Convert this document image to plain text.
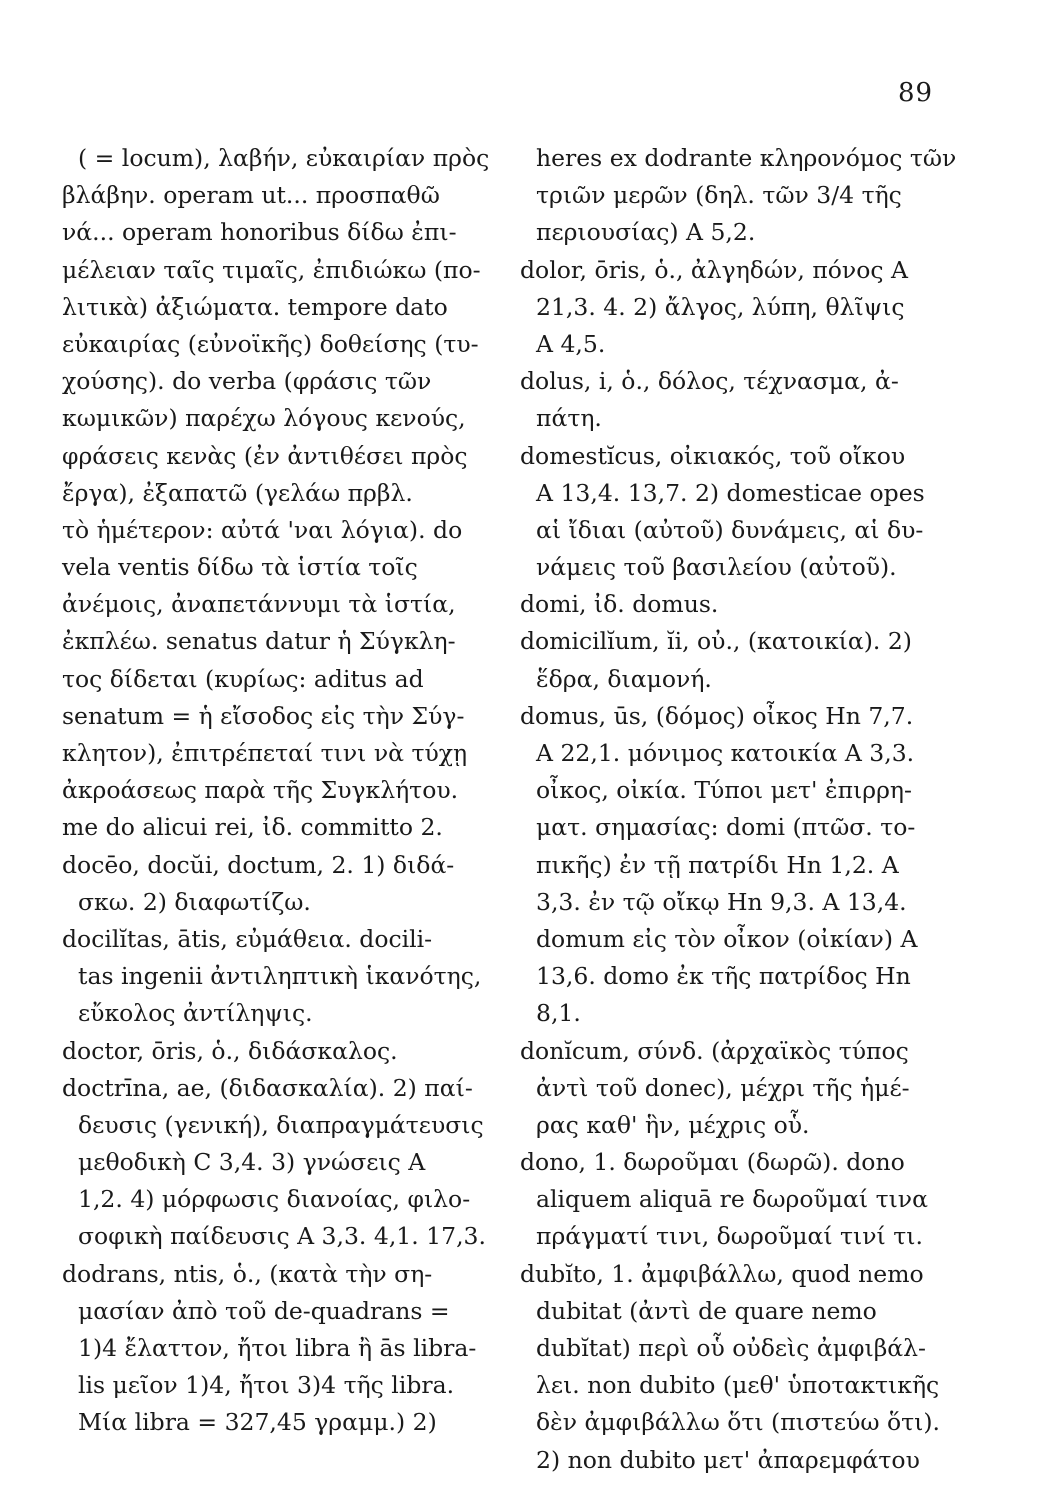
89
( = locum), λαβήν, εὐκαιρίαν πρὸς
βλάβην. operam ut... προσπαθῶ
νά... operam honoribus δίδω ἐπι-
μέλειαν ταῖς τιμαῖς, ἐπιδιώκω (πο-
λιτικὰ) ἀξιώματα. tempore dato
εὐκαιρίας (εὐνοϊκῆς) δοθείσης (τυ-
χούσης). do verba (φράσις τῶν
κωμικῶν) παρέχω λόγους κενούς,
φράσεις κενὰς (ἐν ἀντιθέσει πρὸς
ἔργα), ἐξαπατῶ (γελάω πρβλ.
τὸ ἡμέτερον: αὐτά 'ναι λόγια). do
vela ventis δίδω τὰ ἱστία τοῖς
ἀνέμοις, ἀναπετάννυμι τὰ ἱστία,
ἐκπλέω. senatus datur ἡ Σύγκλη-
τος δίδεται (κυρίως: aditus ad
senatum = ἡ εἴσοδος εἰς τὴν Σύγ-
κλητον), ἐπιτρέπεταί τινι νὰ τύχῃ
ἀκροάσεως παρὰ τῆς Συγκλήτου.
me do alicui rei, ἰδ. committo 2.
docēo, docŭi, doctum, 2. 1) διδά-
σκω. 2) διαφωτίζω.
docilĭtas, ātis, εὐμάθεια. docili-
tas ingenii ἀντιληπτικὴ ἱκανότης,
εὔκολος ἀντίληψις.
doctor, ōris, ὁ., διδάσκαλος.
doctrīna, ae, (διδασκαλία). 2) παί-
δευσις (γενική), διαπραγμάτευσις
μεθοδικὴ C 3,4. 3) γνώσεις A
1,2. 4) μόρφωσις διανοίας, φιλο-
σοφικὴ παίδευσις A 3,3. 4,1. 17,3.
dodrans, ntis, ὁ., (κατὰ τὴν ση-
μασίαν ἀπὸ τοῦ de-quadrans =
1)4 ἔλαττον, ἤτοι libra ἢ ās libra-
lis μεῖον 1)4, ἤτοι 3)4 τῆς libra.
Μία libra = 327,45 γραμμ.) 2)
heres ex dodrante κληρονόμος τῶν
τριῶν μερῶν (δηλ. τῶν 3/4 τῆς
περιουσίας) A 5,2.
dolor, ōris, ὁ., ἀλγηδών, πόνος A
21,3. 4. 2) ἄλγος, λύπη, θλῖψις
A 4,5.
dolus, i, ὁ., δόλος, τέχνασμα, ἀ-
πάτη.
domestĭcus, οἰκιακός, τοῦ οἴκου
A 13,4. 13,7. 2) domesticae opes
αἱ ἴδιαι (αὐτοῦ) δυνάμεις, αἱ δυ-
νάμεις τοῦ βασιλείου (αὐτοῦ).
domi, ἰδ. domus.
domicilĭum, ĭi, οὐ., (κατοικία). 2)
ἕδρα, διαμονή.
domus, ūs, (δόμος) οἶκος Hn 7,7.
A 22,1. μόνιμος κατοικία A 3,3.
οἶκος, οἰκία. Τύποι μετ' ἐπιρρη-
ματ. σημασίας: domi (πτῶσ. το-
πικῆς) ἐν τῇ πατρίδι Hn 1,2. A
3,3. ἐν τῷ οἴκῳ Hn 9,3. A 13,4.
domum εἰς τὸν οἶκον (οἰκίαν) A
13,6. domo ἐκ τῆς πατρίδος Hn
8,1.
donĭcum, σύνδ. (ἀρχαϊκὸς τύπος
ἀντὶ τοῦ donec), μέχρι τῆς ἡμέ-
ρας καθ' ἣν, μέχρις οὗ.
dono, 1. δωροῦμαι (δωρῶ). dono
aliquem aliquā re δωροῦμαί τινα
πράγματί τινι, δωροῦμαί τινί τι.
dubĭto, 1. ἀμφιβάλλω, quod nemo
dubitat (ἀντὶ de quare nemo
dubĭtat) περὶ οὗ οὐδεὶς ἀμφιβάλ-
λει. non dubito (μεθ' ὑποτακτικῆς
δὲν ἀμφιβάλλω ὅτι (πιστεύω ὅτι).
2) non dubito μετ' ἀπαρεμφάτου
